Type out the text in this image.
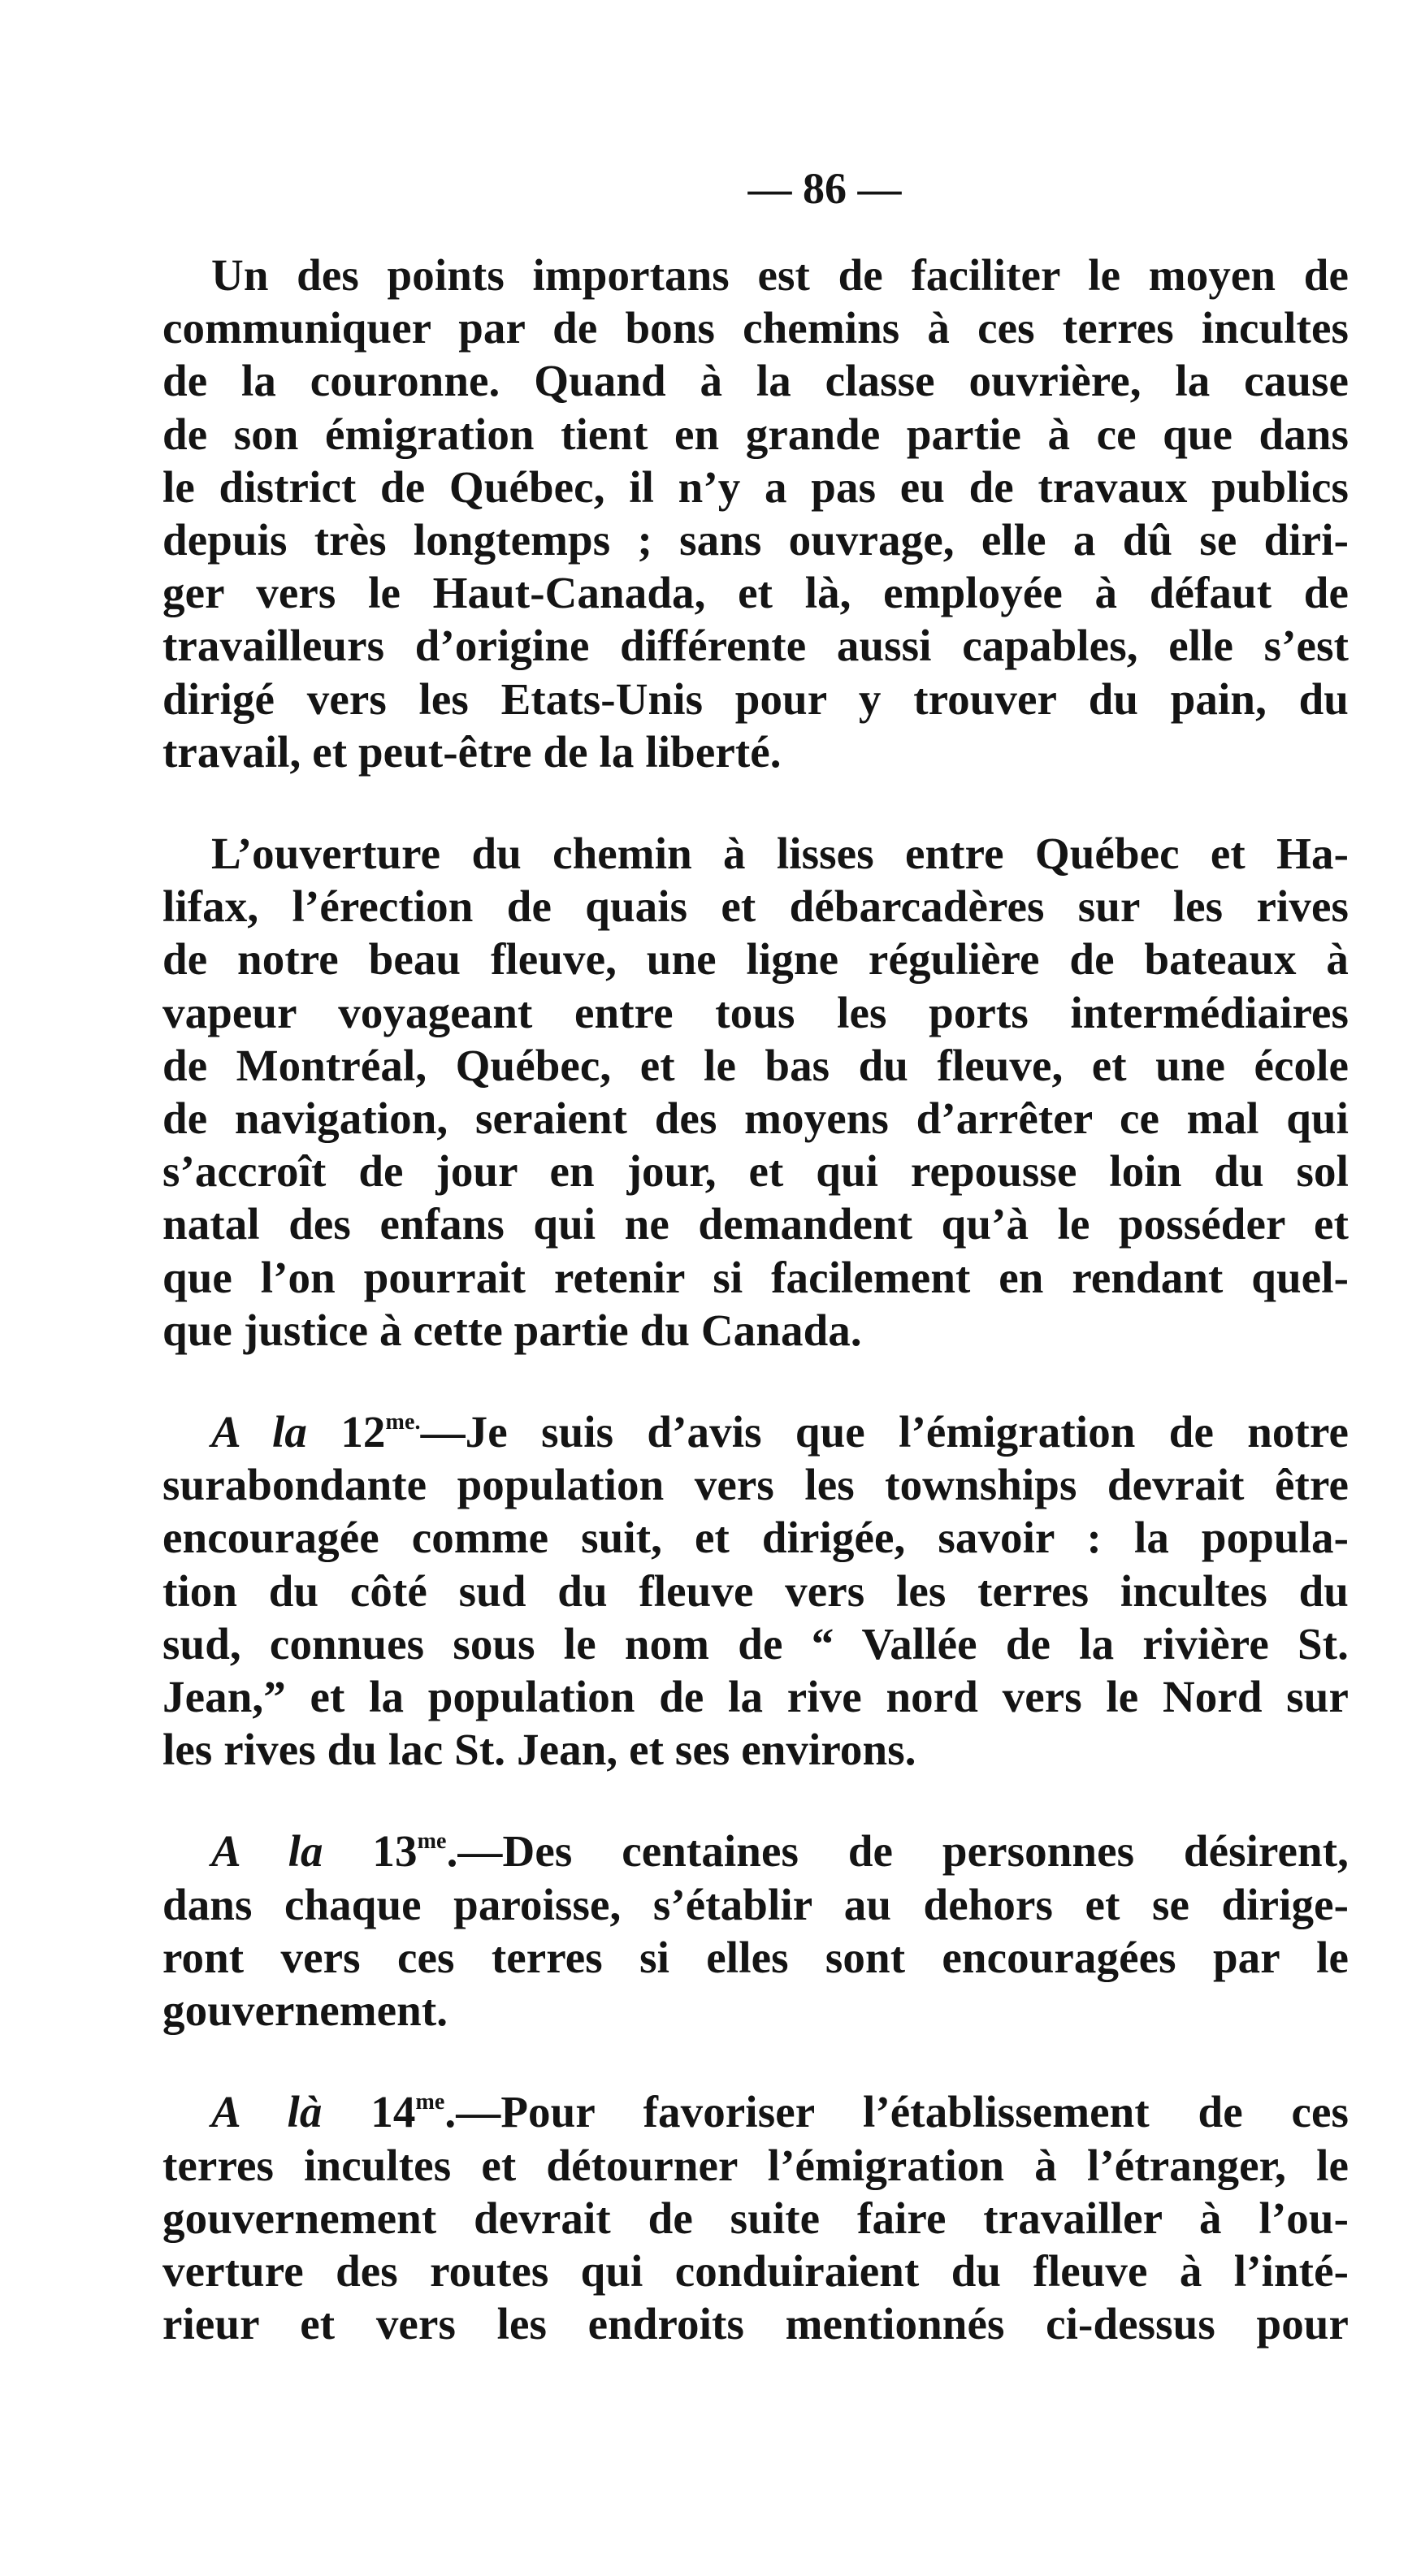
— 86 —
Un des points importans est de faciliter le moyen de
communiquer par de bons chemins à ces terres incultes
de la couronne. Quand à la classe ouvrière, la cause
de son émigration tient en grande partie à ce que dans
le district de Québec, il n’y a pas eu de travaux publics
depuis très longtemps ; sans ouvrage, elle a dû se diri-
ger vers le Haut-Canada, et là, employée à défaut de
travailleurs d’origine différente aussi capables, elle s’est
dirigé vers les Etats-Unis pour y trouver du pain, du
travail, et peut-être de la liberté.
L’ouverture du chemin à lisses entre Québec et Ha-
lifax, l’érection de quais et débarcadères sur les rives
de notre beau fleuve, une ligne régulière de bateaux à
vapeur voyageant entre tous les ports intermédiaires
de Montréal, Québec, et le bas du fleuve, et une école
de navigation, seraient des moyens d’arrêter ce mal qui
s’accroît de jour en jour, et qui repousse loin du sol
natal des enfans qui ne demandent qu’à le posséder et
que l’on pourrait retenir si facilement en rendant quel-
que justice à cette partie du Canada.
A la $12^{me.}—Je$ suis d’avis que l’émigration de notre
surabondante population vers les townships devrait être
encouragée comme suit, et dirigée, savoir : la popula-
tion du côté sud du fleuve vers les terres incultes du
sud, connues sous le nom de “ Vallée de la rivière St.
Jean,” et la population de la rive nord vers le Nord sur
les rives du lac St. Jean, et ses environs.
A la $13^{me}.—Des$ centaines de personnes désirent,
dans chaque paroisse, s’établir au dehors et se dirige-
ront vers ces terres si elles sont encouragées par le
gouvernement.
A là $14^{me}.—Pour$ favoriser l’établissement de ces
terres incultes et détourner l’émigration à l’étranger, le
gouvernement devrait de suite faire travailler à l’ou-
verture des routes qui conduiraient du fleuve à l’inté-
rieur et vers les endroits mentionnés ci-dessus pour
